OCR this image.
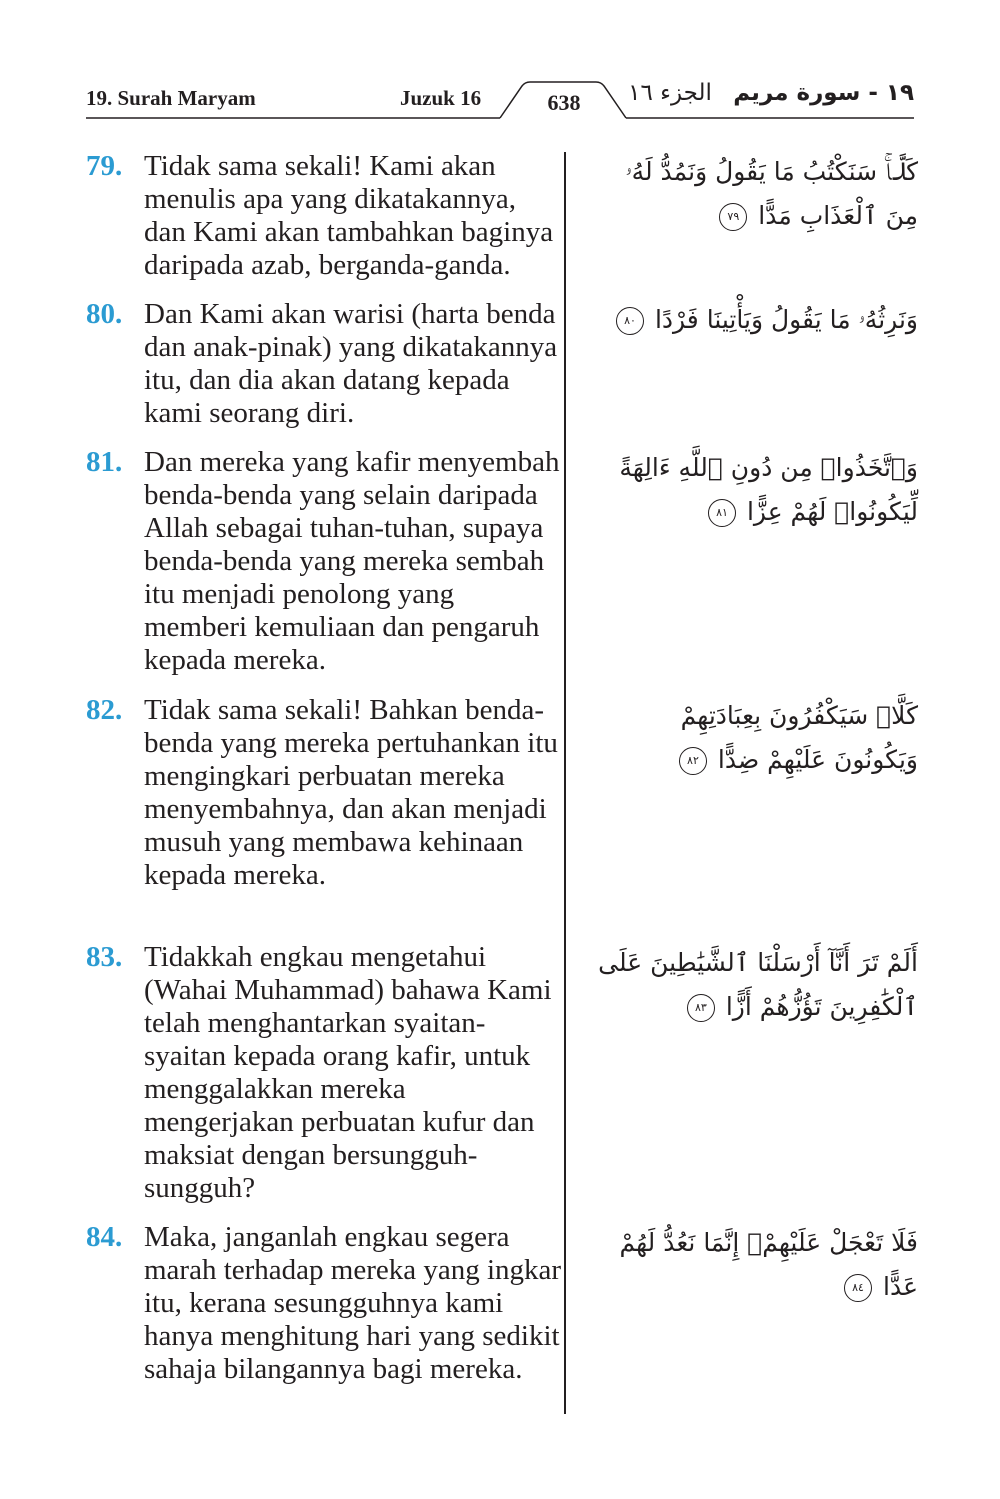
19. Surah Maryam	Juzuk 16	638	الجزء ١٦ ١٩ - سورة مريم
79. Tidak sama sekali! Kami akan menulis apa yang dikatakannya, dan Kami akan tambahkan baginya daripada azab, berganda-ganda.
كَلَّاۚ سَنَكْتُبُ مَا يَقُولُ وَنَمُدُّ لَهُۥ مِنَ ٱلْعَذَابِ مَدًّا ٧٩
80. Dan Kami akan warisi (harta benda dan anak-pinak) yang dikatakannya itu, dan dia akan datang kepada kami seorang diri.
وَنَرِثُهُۥ مَا يَقُولُ وَيَأْتِينَا فَرْدًا ٨٠
81. Dan mereka yang kafir menyembah benda-benda yang selain daripada Allah sebagai tuhan-tuhan, supaya benda-benda yang mereka sembah itu menjadi penolong yang memberi kemuliaan dan pengaruh kepada mereka.
وَٱتَّخَذُوا۟ مِن دُونِ ٱللَّهِ ءَالِهَةً لِّيَكُونُوا۟ لَهُمْ عِزًّا ٨١
82. Tidak sama sekali! Bahkan benda-benda yang mereka pertuhankan itu mengingkari perbuatan mereka menyembahnya, dan akan menjadi musuh yang membawa kehinaan kepada mereka.
كَلَّاۚ سَيَكْفُرُونَ بِعِبَادَتِهِمْ وَيَكُونُونَ عَلَيْهِمْ ضِدًّا ٨٢
83. Tidakkah engkau mengetahui (Wahai Muhammad) bahawa Kami telah menghantarkan syaitan-syaitan kepada orang kafir, untuk menggalakkan mereka mengerjakan perbuatan kufur dan maksiat dengan bersungguh-sungguh?
أَلَمْ تَرَ أَنَّآ أَرْسَلْنَا ٱلشَّيَٰطِينَ عَلَى ٱلْكَٰفِرِينَ تَؤُزُّهُمْ أَزًّا ٨٣
84. Maka, janganlah engkau segera marah terhadap mereka yang ingkar itu, kerana sesungguhnya kami hanya menghitung hari yang sedikit sahaja bilangannya bagi mereka.
فَلَا تَعْجَلْ عَلَيْهِمْۖ إِنَّمَا نَعُدُّ لَهُمْ عَدًّا ٨٤
